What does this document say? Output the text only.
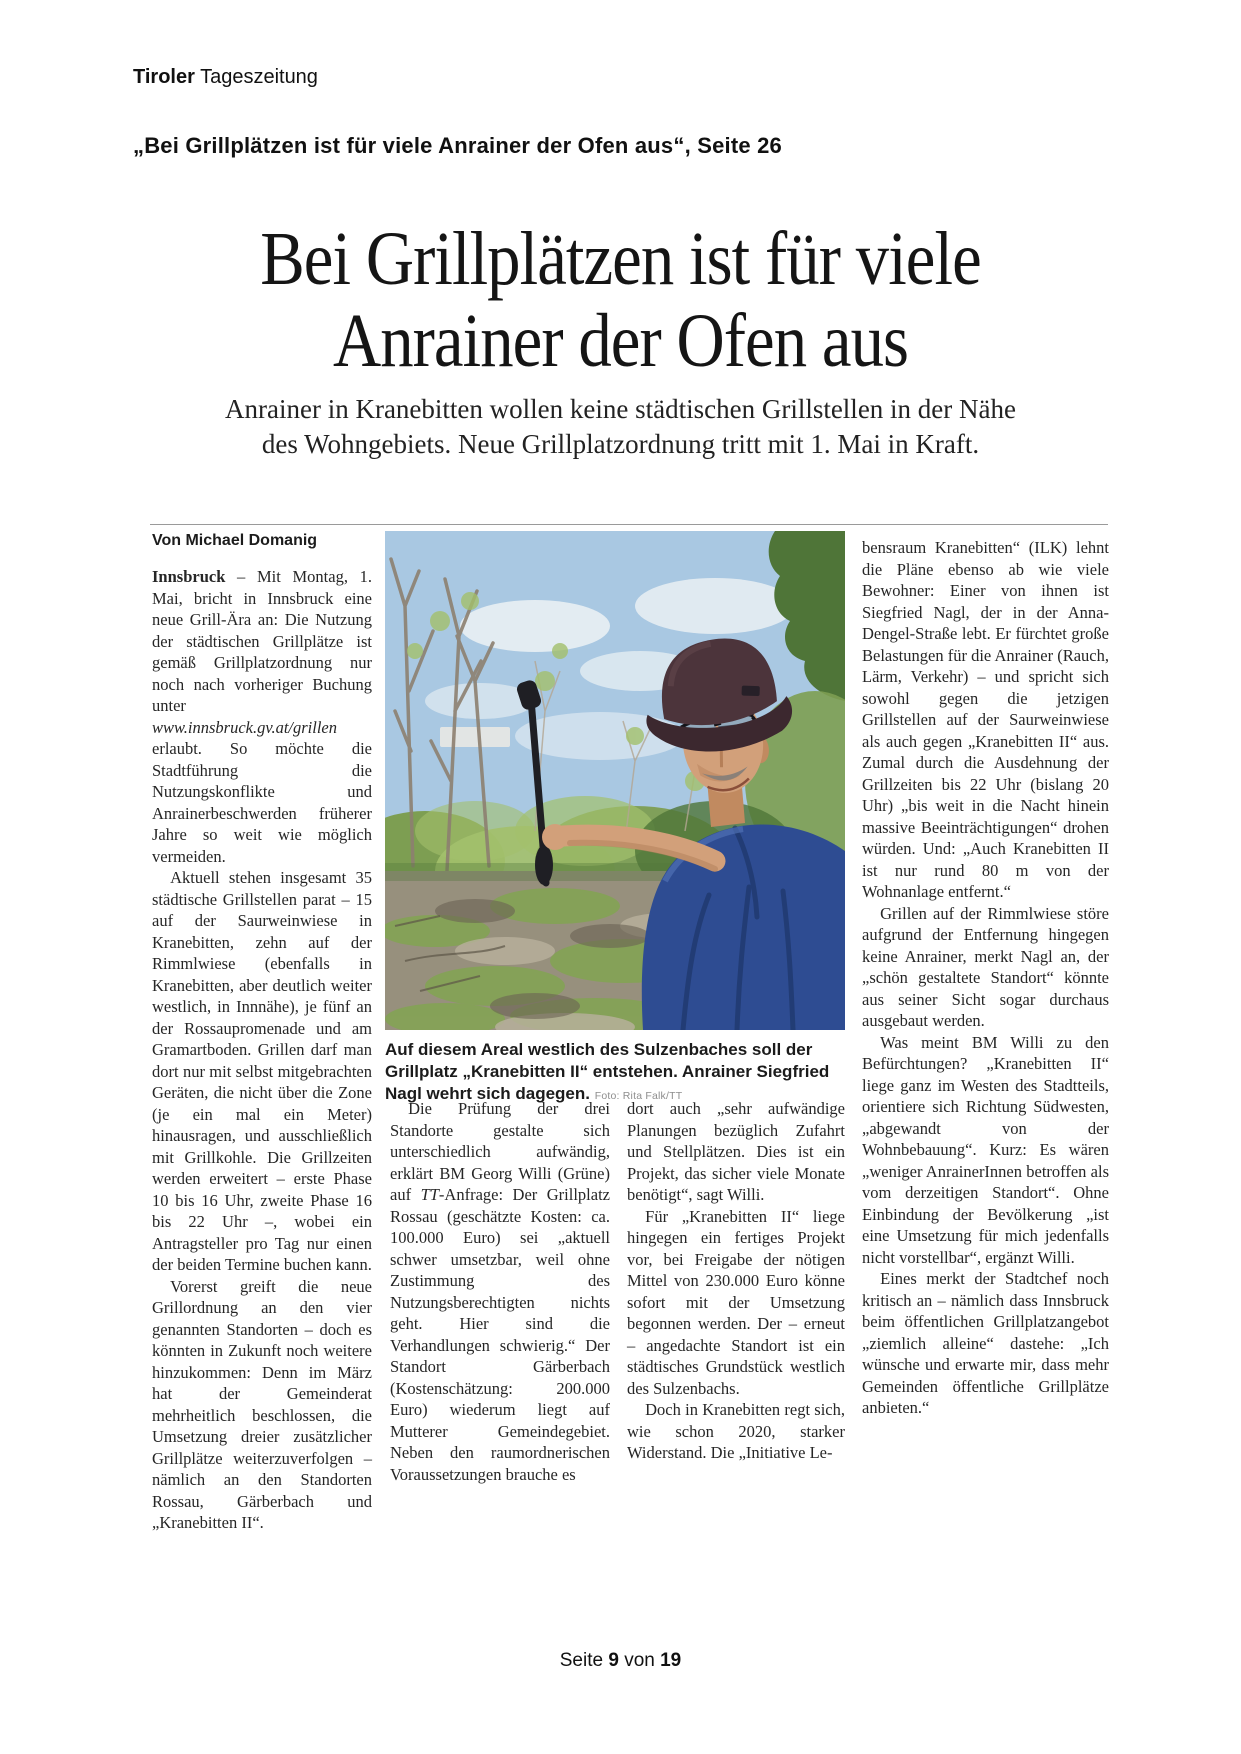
Tiroler Tageszeitung
„Bei Grillplätzen ist für viele Anrainer der Ofen aus“, Seite 26
Bei Grillplätzen ist für viele
Anrainer der Ofen aus
Anrainer in Kranebitten wollen keine städtischen Grillstellen in der Nähe des Wohngebiets. Neue Grillplatzordnung tritt mit 1. Mai in Kraft.
Von Michael Domanig

Innsbruck – Mit Montag, 1. Mai, bricht in Innsbruck eine neue Grill-Ära an: Die Nutzung der städtischen Grillplätze ist gemäß Grillplatzordnung nur noch nach vorheriger Buchung unter www.innsbruck.gv.at/grillen erlaubt. So möchte die Stadtführung die Nutzungskonflikte und Anrainerbeschwerden früherer Jahre so weit wie möglich vermeiden.

Aktuell stehen insgesamt 35 städtische Grillstellen parat – 15 auf der Saurweinwiese in Kranebitten, zehn auf der Rimmlwiese (ebenfalls in Kranebitten, aber deutlich weiter westlich, in Innnähe), je fünf an der Rossaupromenade und am Gramartboden. Grillen darf man dort nur mit selbst mitgebrachten Geräten, die nicht über die Zone (je ein mal ein Meter) hinausragen, und ausschließlich mit Grillkohle. Die Grillzeiten werden erweitert – erste Phase 10 bis 16 Uhr, zweite Phase 16 bis 22 Uhr –, wobei ein Antragsteller pro Tag nur einen der beiden Termine buchen kann.

Vorerst greift die neue Grillordnung an den vier genannten Standorten – doch es könnten in Zukunft noch weitere hinzukommen: Denn im März hat der Gemeinderat mehrheitlich beschlossen, die Umsetzung dreier zusätzlicher Grillplätze weiterzuverfolgen – nämlich an den Standorten Rossau, Gärberbach und „Kranebitten II“.

Die Prüfung der drei Standorte gestalte sich unterschiedlich aufwändig, erklärt BM Georg Willi (Grüne) auf TT-Anfrage: Der Grillplatz Rossau (geschätzte Kosten: ca. 100.000 Euro) sei „aktuell schwer umsetzbar, weil ohne Zustimmung des Nutzungsberechtigten nichts geht. Hier sind die Verhandlungen schwierig.“ Der Standort Gärberbach (Kostenschätzung: 200.000 Euro) wiederum liegt auf Mutterer Gemeindegebiet. Neben den raumordnerischen Voraussetzungen brauche es

dort auch „sehr aufwändige Planungen bezüglich Zufahrt und Stellplätzen. Dies ist ein Projekt, das sicher viele Monate benötigt“, sagt Willi.

Für „Kranebitten II“ liege hingegen ein fertiges Projekt vor, bei Freigabe der nötigen Mittel von 230.000 Euro könne sofort mit der Umsetzung begonnen werden. Der – erneut – angedachte Standort ist ein städtisches Grundstück westlich des Sulzenbachs.

Doch in Kranebitten regt sich, wie schon 2020, starker Widerstand. Die „Initiative Le-

bensraum Kranebitten“ (ILK) lehnt die Pläne ebenso ab wie viele Bewohner: Einer von ihnen ist Siegfried Nagl, der in der Anna-Dengel-Straße lebt. Er fürchtet große Belastungen für die Anrainer (Rauch, Lärm, Verkehr) – und spricht sich sowohl gegen die jetzigen Grillstellen auf der Saurweinwiese als auch gegen „Kranebitten II“ aus. Zumal durch die Ausdehnung der Grillzeiten bis 22 Uhr (bislang 20 Uhr) „bis weit in die Nacht hinein massive Beeinträchtigungen“ drohen würden. Und: „Auch Kranebitten II ist nur rund 80 m von der Wohnanlage entfernt.“

Grillen auf der Rimmlwiese störe aufgrund der Entfernung hingegen keine Anrainer, merkt Nagl an, der „schön gestaltete Standort“ könnte aus seiner Sicht sogar durchaus ausgebaut werden.

Was meint BM Willi zu den Befürchtungen? „Kranebitten II“ liege ganz im Westen des Stadtteils, orientiere sich Richtung Südwesten, „abgewandt von der Wohnbebauung“. Kurz: Es wären „weniger AnrainerInnen betroffen als vom derzeitigen Standort“. Ohne Einbindung der Bevölkerung „ist eine Umsetzung für mich jedenfalls nicht vorstellbar“, ergänzt Willi.

Eines merkt der Stadtchef noch kritisch an – nämlich dass Innsbruck beim öffentlichen Grillplatzangebot „ziemlich alleine“ dastehe: „Ich wünsche und erwarte mir, dass mehr Gemeinden öffentliche Grillplätze anbieten.“

Auf diesem Areal westlich des Sulzenbaches soll der Grillplatz „Kranebitten II“ entstehen. Anrainer Siegfried Nagl wehrt sich dagegen. Foto: Rita Falk/TT
Seite 9 von 19
